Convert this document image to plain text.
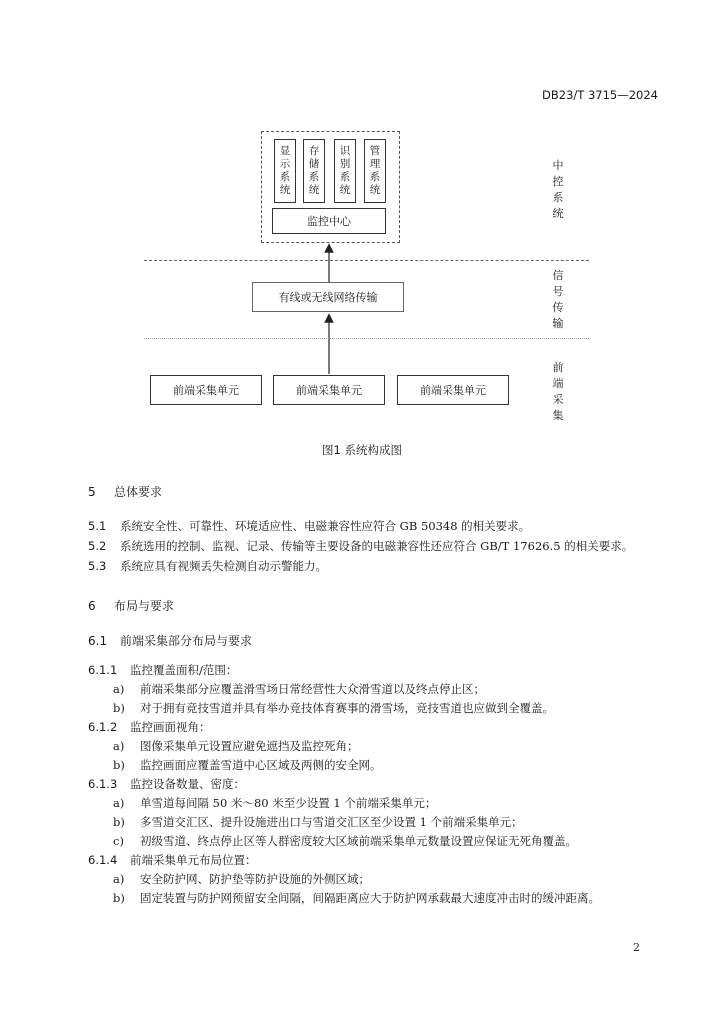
DB23/T 3715—2024
显示系统
存储系统
识别系统
管理系统
监控中心
有线或无线网络传输
前端采集单元	前端采集单元	前端采集单元
中控系统
信号传输
前端采集
图1 系统构成图
5 总体要求
5.1 系统安全性、可靠性、环境适应性、电磁兼容性应符合 GB 50348 的相关要求。
5.2 系统选用的控制、监视、记录、传输等主要设备的电磁兼容性还应符合 GB/T 17626.5 的相关要求。
5.3 系统应具有视频丢失检测自动示警能力。
6 布局与要求
6.1 前端采集部分布局与要求
6.1.1 监控覆盖面积/范围：
a) 前端采集部分应覆盖滑雪场日常经营性大众滑雪道以及终点停止区；
b) 对于拥有竞技雪道并具有举办竞技体育赛事的滑雪场，竞技雪道也应做到全覆盖。
6.1.2 监控画面视角：
a) 图像采集单元设置应避免遮挡及监控死角；
b) 监控画面应覆盖雪道中心区域及两侧的安全网。
6.1.3 监控设备数量、密度：
a) 单雪道每间隔 50 米～80 米至少设置 1 个前端采集单元；
b) 多雪道交汇区、提升设施进出口与雪道交汇区至少设置 1 个前端采集单元；
c) 初级雪道、终点停止区等人群密度较大区域前端采集单元数量设置应保证无死角覆盖。
6.1.4 前端采集单元布局位置：
a) 安全防护网、防护垫等防护设施的外侧区域；
b) 固定装置与防护网预留安全间隔，间隔距离应大于防护网承载最大速度冲击时的缓冲距离。
2
